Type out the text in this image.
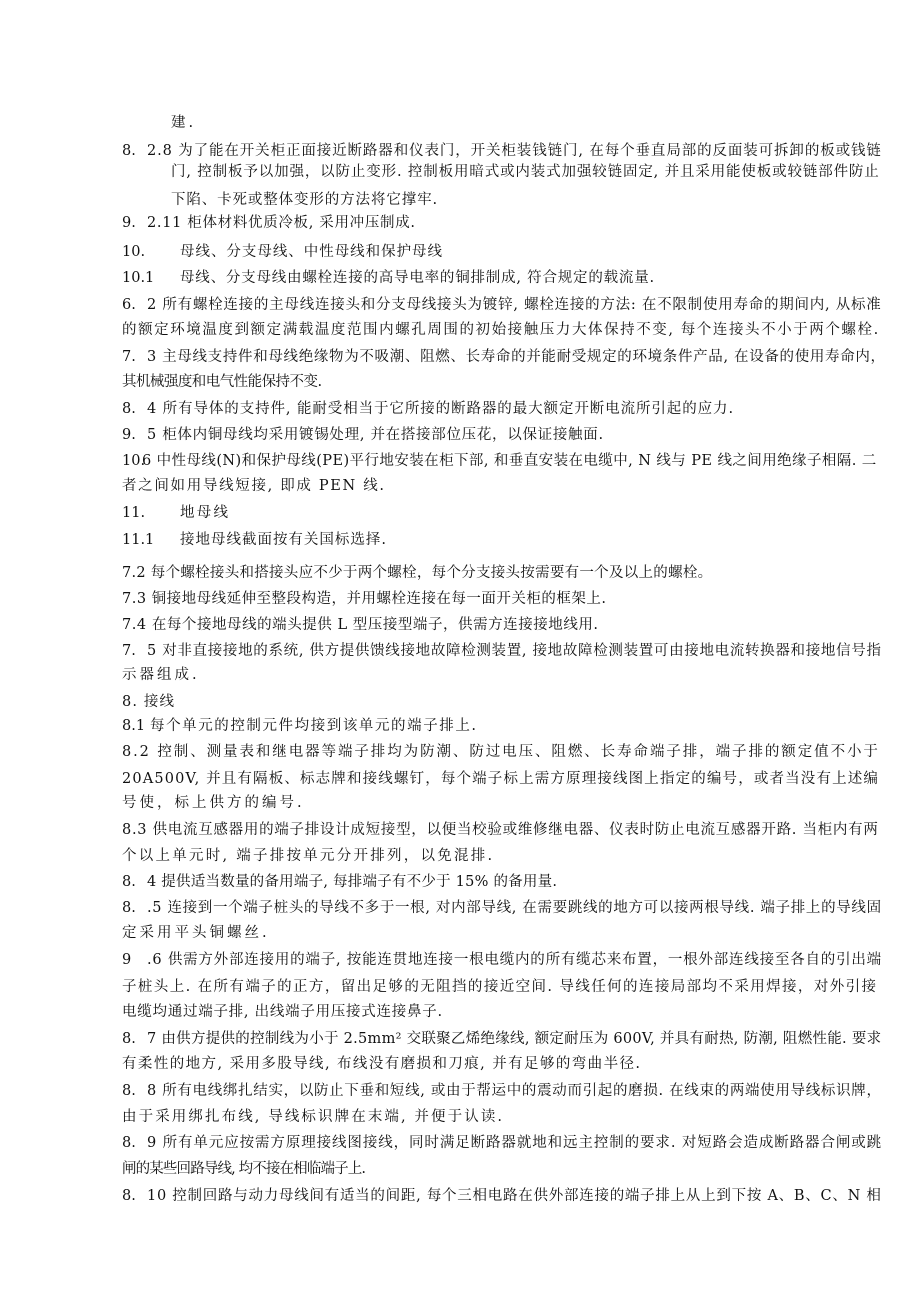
建.
8. 2.8 为了能在开关柜正面接近断路器和仪表门，开关柜装钱链门, 在每个垂直局部的反面装可拆卸的板或钱链
门, 控制板予以加强，以防止变形. 控制板用暗式或内装式加强较链固定, 并且采用能使板或较链部件防止
下陷、卡死或整体变形的方法将它撑牢.
9. 2.11 柜体材料优质冷板, 采用冲压制成.
10. 母线、分支母线、中性母线和保护母线
10.1 母线、分支母线由螺栓连接的高导电率的铜排制成, 符合规定的载流量.
6. 2 所有螺栓连接的主母线连接头和分支母线接头为镀锌, 螺栓连接的方法: 在不限制使用寿命的期间内, 从标准
的额定环境温度到额定满载温度范围内螺孔周围的初始接触压力大体保持不变, 每个连接头不小于两个螺栓.
7. 3 主母线支持件和母线绝缘物为不吸潮、阻燃、长寿命的并能耐受规定的环境条件产品, 在设备的使用寿命内，
其机械强度和电气性能保持不变.
8. 4 所有导体的支持件, 能耐受相当于它所接的断路器的最大额定开断电流所引起的应力.
9. 5 柜体内铜母线均采用镀锡处理, 并在搭接部位压花，以保证接触面.
10.
6 中性母线(N)和保护母线(PE)平行地安装在柜下部, 和垂直安装在电缆中, N 线与 PE 线之间用绝缘子相隔. 二
者之间如用导线短接, 即成 PEN 线.
11. 地母线
11.1 接地母线截面按有关国标选择.
7.2 每个螺栓接头和搭接头应不少于两个螺栓，每个分支接头按需要有一个及以上的螺栓。
7.3 铜接地母线延伸至整段构造，并用螺栓连接在每一面开关柜的框架上.
7.4 在每个接地母线的端头提供 L 型压接型端子，供需方连接接地线用.
7. 5 对非直接接地的系统, 供方提供馈线接地故障检测装置, 接地故障检测装置可由接地电流转换器和接地信号指
示器组成.
8. 接线
8.1 每个单元的控制元件均接到该单元的端子排上.
8.2 控制、测量表和继电器等端子排均为防潮、防过电压、阻燃、长寿命端子排，端子排的额定值不小于
20A500V, 并且有隔板、标志牌和接线螺钉，每个端子标上需方原理接线图上指定的编号，或者当没有上述编
号使，标上供方的编号.
8.3 供电流互感器用的端子排设计成短接型，以便当校验或维修继电器、仪表时防止电流互感器开路. 当柜内有两
个以上单元时, 端子排按单元分开排列，以免混排.
8. 4 提供适当数量的备用端子, 每排端子有不少于 15% 的备用量.
8. .5 连接到一个端子桩头的导线不多于一根, 对内部导线, 在需要跳线的地方可以接两根导线. 端子排上的导线固
定采用平头铜螺丝.
9 .6 供需方外部连接用的端子, 按能连贯地连接一根电缆内的所有缆芯来布置，一根外部连线接至各自的引出端
子桩头上. 在所有端子的正方，留出足够的无阻挡的接近空间. 导线任何的连接局部均不采用焊接，对外引接
电缆均通过端子排, 出线端子用压接式连接鼻子.
8. 7 由供方提供的控制线为小于 2.5mm² 交联聚乙烯绝缘线, 额定耐压为 600V, 并具有耐热, 防潮, 阻燃性能. 要求
有柔性的地方, 采用多股导线, 布线没有磨损和刀痕, 并有足够的弯曲半径.
8. 8 所有电线绑扎结实，以防止下垂和短线, 或由于帮运中的震动而引起的磨损. 在线束的两端使用导线标识牌，
由于采用绑扎布线, 导线标识牌在末端, 并便于认读.
8. 9 所有单元应按需方原理接线图接线，同时满足断路器就地和远主控制的要求. 对短路会造成断路器合闸或跳
闸的某些回路导线, 均不接在相临端子上.
8. 10 控制回路与动力母线间有适当的间距, 每个三相电路在供外部连接的端子排上从上到下按 A、B、C、N 相
